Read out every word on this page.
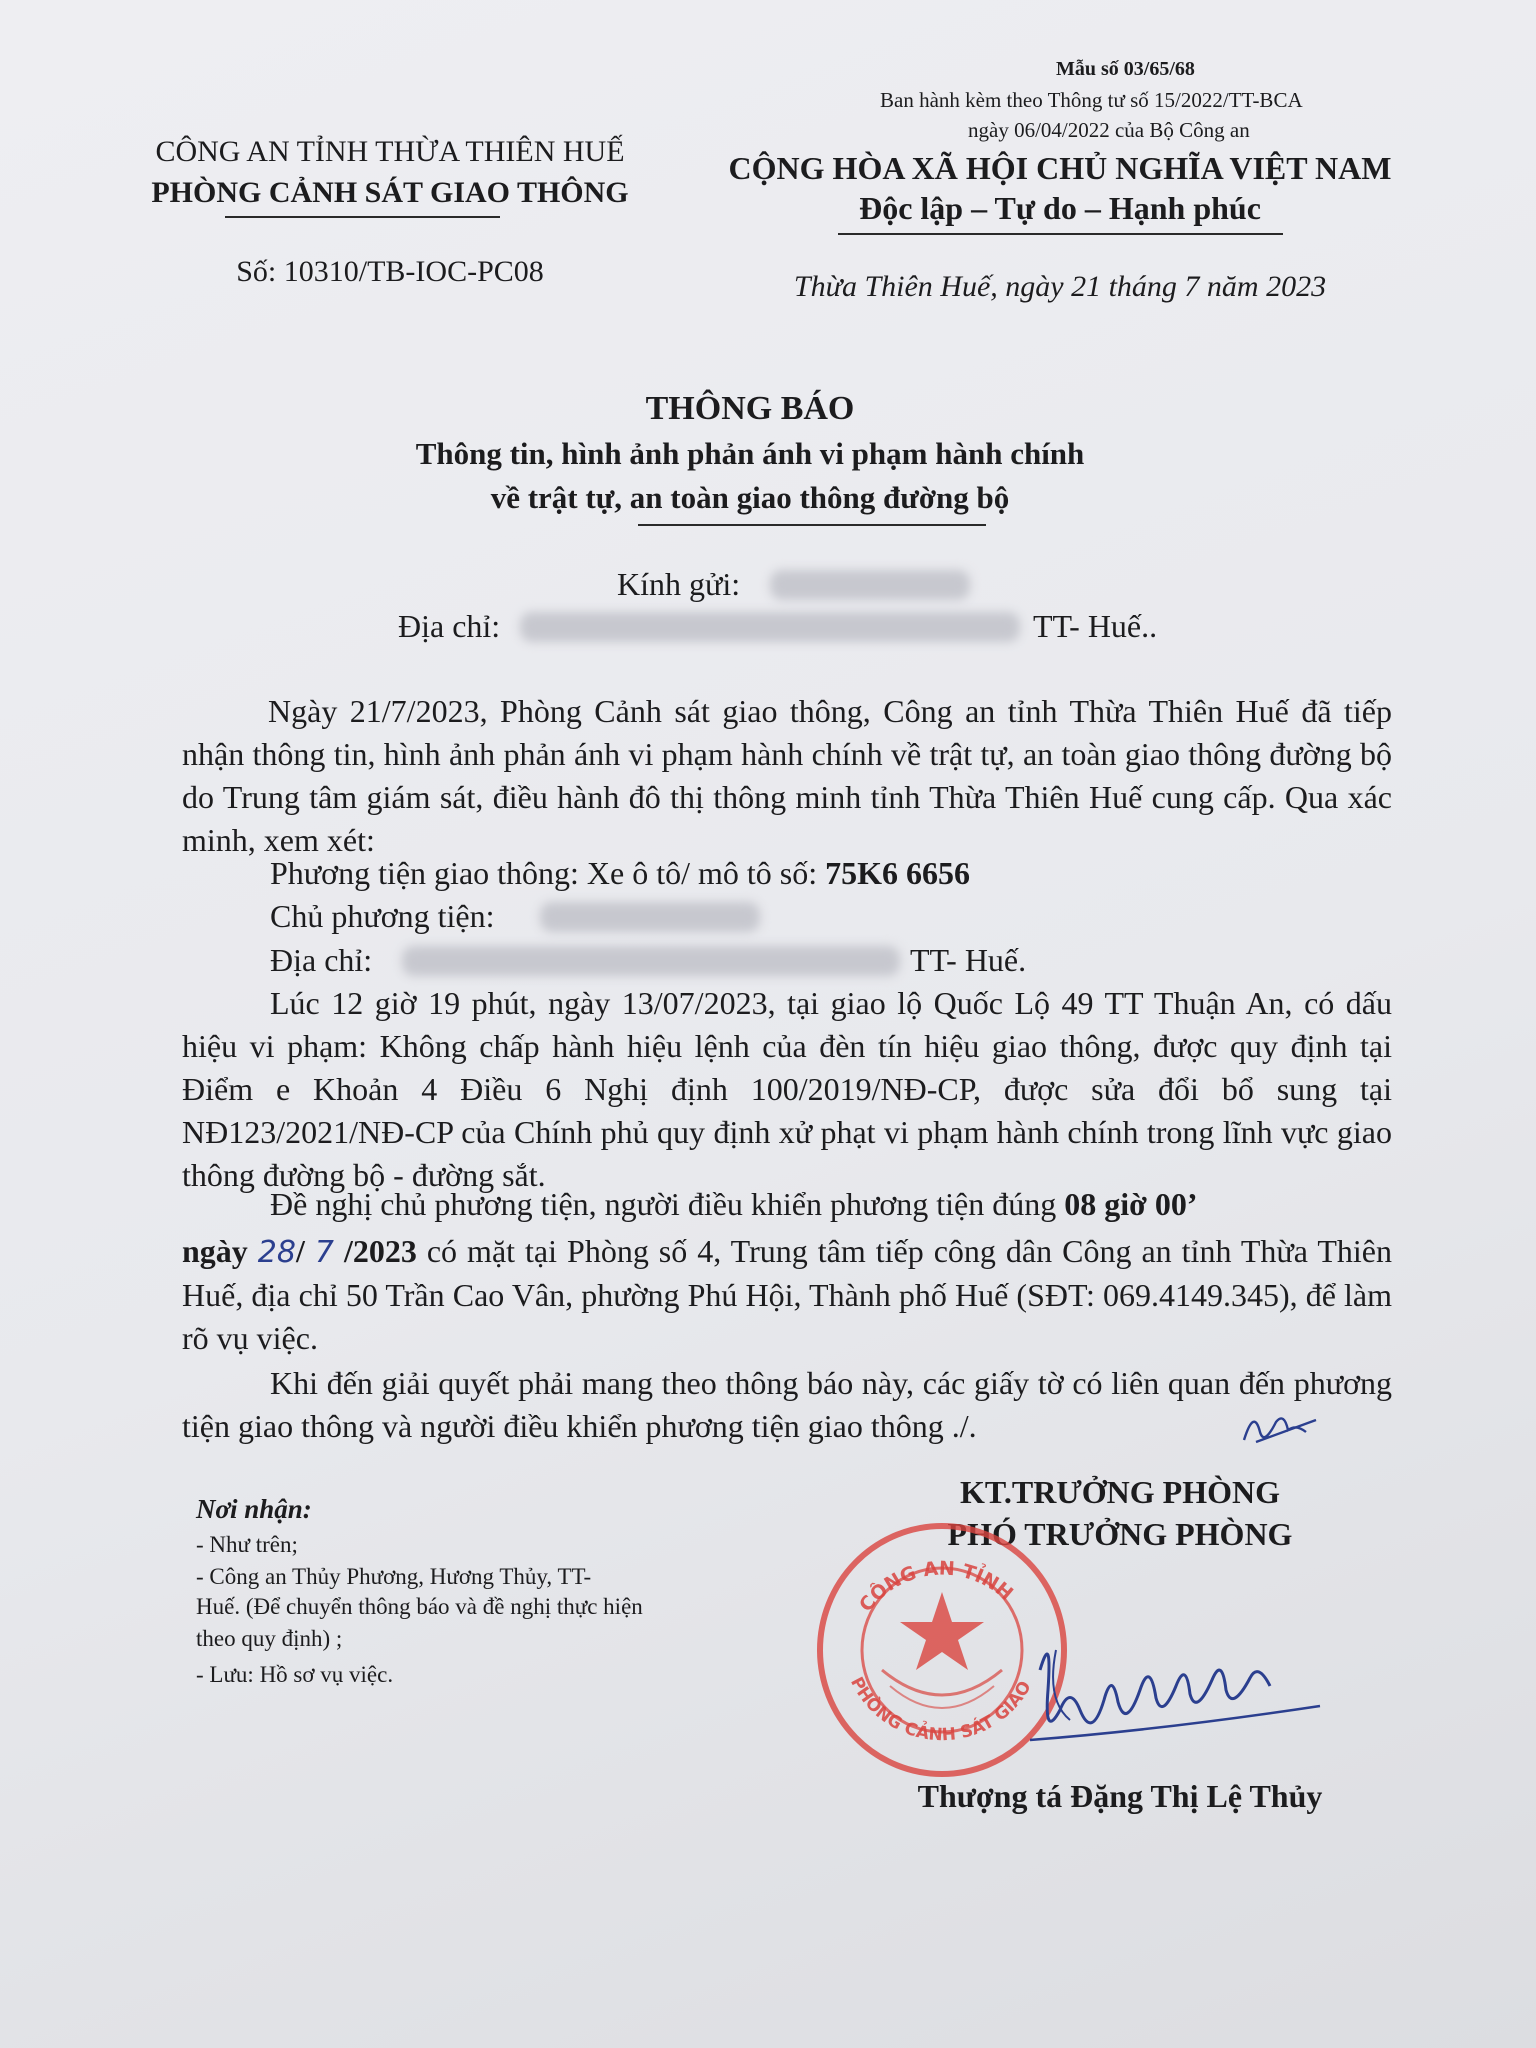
Mẫu số 03/65/68
Ban hành kèm theo Thông tư số 15/2022/TT-BCA
ngày 06/04/2022 của Bộ Công an
CÔNG AN TỈNH THỪA THIÊN HUẾ
PHÒNG CẢNH SÁT GIAO THÔNG
Số: 10310/TB-IOC-PC08
CỘNG HÒA XÃ HỘI CHỦ NGHĨA VIỆT NAM
Độc lập – Tự do – Hạnh phúc
Thừa Thiên Huế, ngày 21 tháng 7 năm 2023
THÔNG BÁO
Thông tin, hình ảnh phản ánh vi phạm hành chính
về trật tự, an toàn giao thông đường bộ
Kính gửi:
Địa chỉ:	TT- Huế..

Ngày 21/7/2023, Phòng Cảnh sát giao thông, Công an tỉnh Thừa Thiên Huế đã tiếp nhận thông tin, hình ảnh phản ánh vi phạm hành chính về trật tự, an toàn giao thông đường bộ do Trung tâm giám sát, điều hành đô thị thông minh tỉnh Thừa Thiên Huế cung cấp. Qua xác minh, xem xét:

Phương tiện giao thông: Xe ô tô/ mô tô số: 75K6 6656
Chủ phương tiện:
Địa chỉ:	TT- Huế.

Lúc 12 giờ 19 phút, ngày 13/07/2023, tại giao lộ Quốc Lộ 49 TT Thuận An, có dấu hiệu vi phạm: Không chấp hành hiệu lệnh của đèn tín hiệu giao thông, được quy định tại Điểm e Khoản 4 Điều 6 Nghị định 100/2019/NĐ-CP, được sửa đổi bổ sung tại NĐ123/2021/NĐ-CP của Chính phủ quy định xử phạt vi phạm hành chính trong lĩnh vực giao thông đường bộ - đường sắt.

Đề nghị chủ phương tiện, người điều khiển phương tiện đúng 08 giờ 00’

ngày 28/ 7 /2023 có mặt tại Phòng số 4, Trung tâm tiếp công dân Công an tỉnh Thừa Thiên Huế, địa chỉ 50 Trần Cao Vân, phường Phú Hội, Thành phố Huế (SĐT: 069.4149.345), để làm rõ vụ việc.

Khi đến giải quyết phải mang theo thông báo này, các giấy tờ có liên quan đến phương tiện giao thông và người điều khiển phương tiện giao thông ./.

Nơi nhận:
- Như trên;
- Công an Thủy Phương, Hương Thủy, TT-
Huế. (Để chuyển thông báo và đề nghị thực hiện
theo quy định) ;
- Lưu: Hồ sơ vụ việc.
KT.TRƯỞNG PHÒNG
PHÓ TRƯỞNG PHÒNG
CÔNG AN TỈNH
PHÒNG CẢNH SÁT GIAO
Thượng tá Đặng Thị Lệ Thủy
